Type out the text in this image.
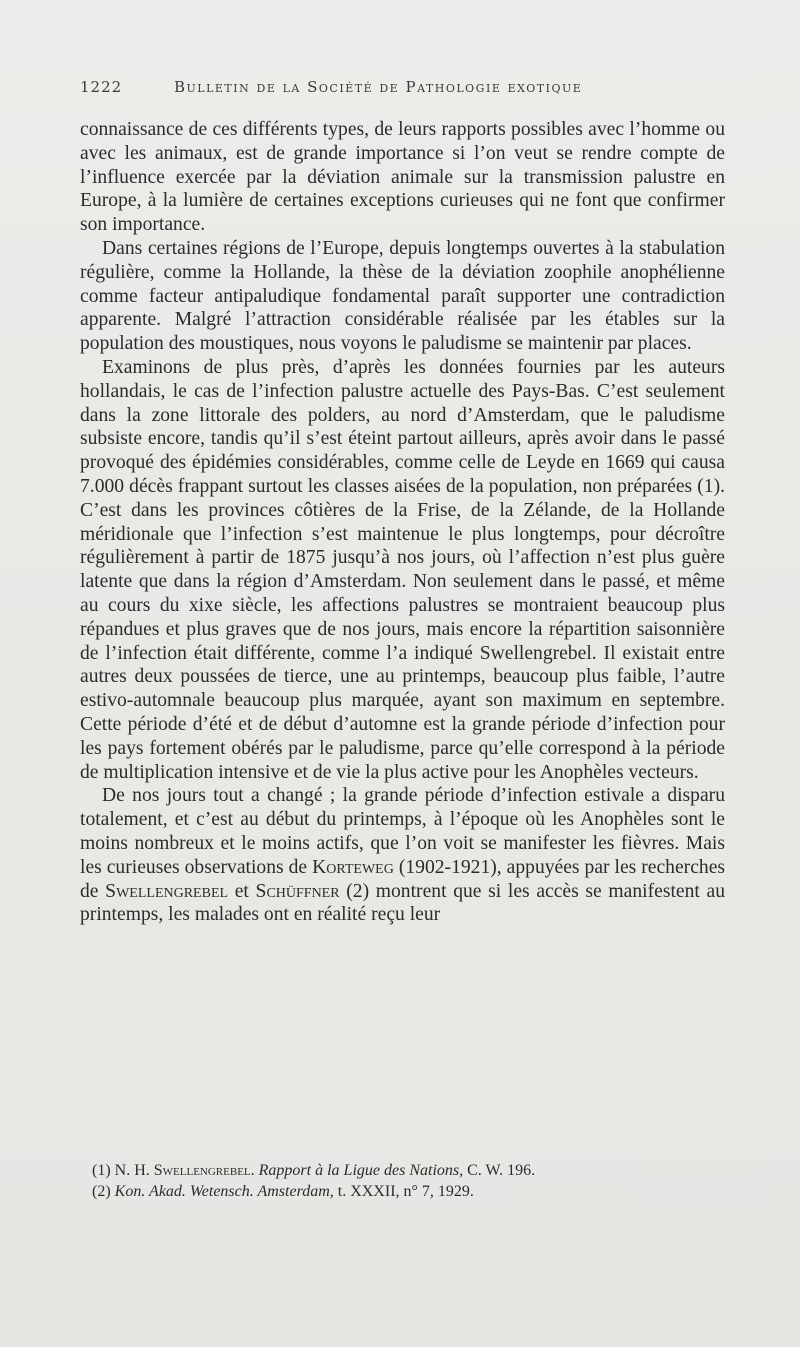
1222	Bulletin de la Société de Pathologie exotique

connaissance de ces différents types, de leurs rapports possibles avec l’homme ou avec les animaux, est de grande importance si l’on veut se rendre compte de l’influence exercée par la déviation animale sur la transmission palustre en Europe, à la lumière de certaines exceptions curieuses qui ne font que confirmer son importance.

Dans certaines régions de l’Europe, depuis longtemps ouvertes à la stabulation régulière, comme la Hollande, la thèse de la déviation zoophile anophélienne comme facteur antipaludique fondamental paraît supporter une contradiction apparente. Malgré l’attraction considérable réalisée par les étables sur la population des moustiques, nous voyons le paludisme se maintenir par places.

Examinons de plus près, d’après les données fournies par les auteurs hollandais, le cas de l’infection palustre actuelle des Pays-Bas. C’est seulement dans la zone littorale des polders, au nord d’Amsterdam, que le paludisme subsiste encore, tandis qu’il s’est éteint partout ailleurs, après avoir dans le passé provoqué des épidémies considérables, comme celle de Leyde en 1669 qui causa 7.000 décès frappant surtout les classes aisées de la population, non préparées (1). C’est dans les provinces côtières de la Frise, de la Zélande, de la Hollande méridionale que l’infection s’est maintenue le plus longtemps, pour décroître régulièrement à partir de 1875 jusqu’à nos jours, où l’affection n’est plus guère latente que dans la région d’Amsterdam. Non seulement dans le passé, et même au cours du xixe siècle, les affections palustres se montraient beaucoup plus répandues et plus graves que de nos jours, mais encore la répartition saisonnière de l’infection était différente, comme l’a indiqué Swellengrebel. Il existait entre autres deux poussées de tierce, une au printemps, beaucoup plus faible, l’autre estivo-automnale beaucoup plus marquée, ayant son maximum en septembre. Cette période d’été et de début d’automne est la grande période d’infection pour les pays fortement obérés par le paludisme, parce qu’elle correspond à la période de multiplication intensive et de vie la plus active pour les Anophèles vecteurs.

De nos jours tout a changé ; la grande période d’infection estivale a disparu totalement, et c’est au début du printemps, à l’époque où les Anophèles sont le moins nombreux et le moins actifs, que l’on voit se manifester les fièvres. Mais les curieuses observations de Korteweg (1902-1921), appuyées par les recherches de Swellengrebel et Schüffner (2) montrent que si les accès se manifestent au printemps, les malades ont en réalité reçu leur

(1) N. H. Swellengrebel. Rapport à la Ligue des Nations, C. W. 196.
(2) Kon. Akad. Wetensch. Amsterdam, t. XXXII, n° 7, 1929.
